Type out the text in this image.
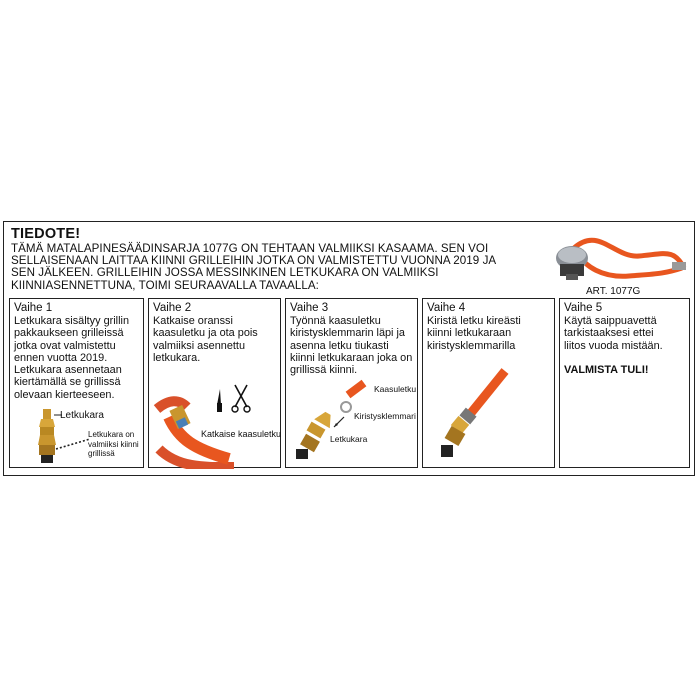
TIEDOTE!
TÄMÄ MATALAPINESÄÄDINSARJA 1077G ON TEHTAAN VALMIIKSI KASAAMA. SEN VOI
SELLAISENAAN LAITTAA KIINNI GRILLEIHIN JOTKA ON VALMISTETTU VUONNA 2019 JA
SEN JÄLKEEN. GRILLEIHIN JOSSA MESSINKINEN LETKUKARA ON VALMIIKSI
KIINNIASENNETTUNA, TOIMI SEURAAVALLA TAVAALLA:	ART. 1077G
Vaihe 1
Letkukara sisältyy grillin
pakkaukseen grilleissä
jotka ovat valmistettu
ennen vuotta 2019.
Letkukara asennetaan
kiertämällä se grillissä
olevaan kierteeseen.
Letkukara
Letkukara on
valmiiksi kiinni
grillissä
Vaihe 2
Katkaise oranssi
kaasuletku ja ota pois
valmiiksi asennettu
letkukara.
Katkaise kaasuletku
Vaihe 3
Työnnä kaasuletku
kiristysklemmarin läpi ja
asenna letku tiukasti
kiinni letkukaraan joka on
grillissä kiinni.
Kaasuletku
Kiristysklemmari
Letkukara
Vaihe 4
Kiristä letku kireästi
kiinni letkukaraan
kiristysklemmarilla
Vaihe 5
Käytä saippuavettä
tarkistaaksesi ettei
liitos vuoda mistään.
VALMISTA TULI!
